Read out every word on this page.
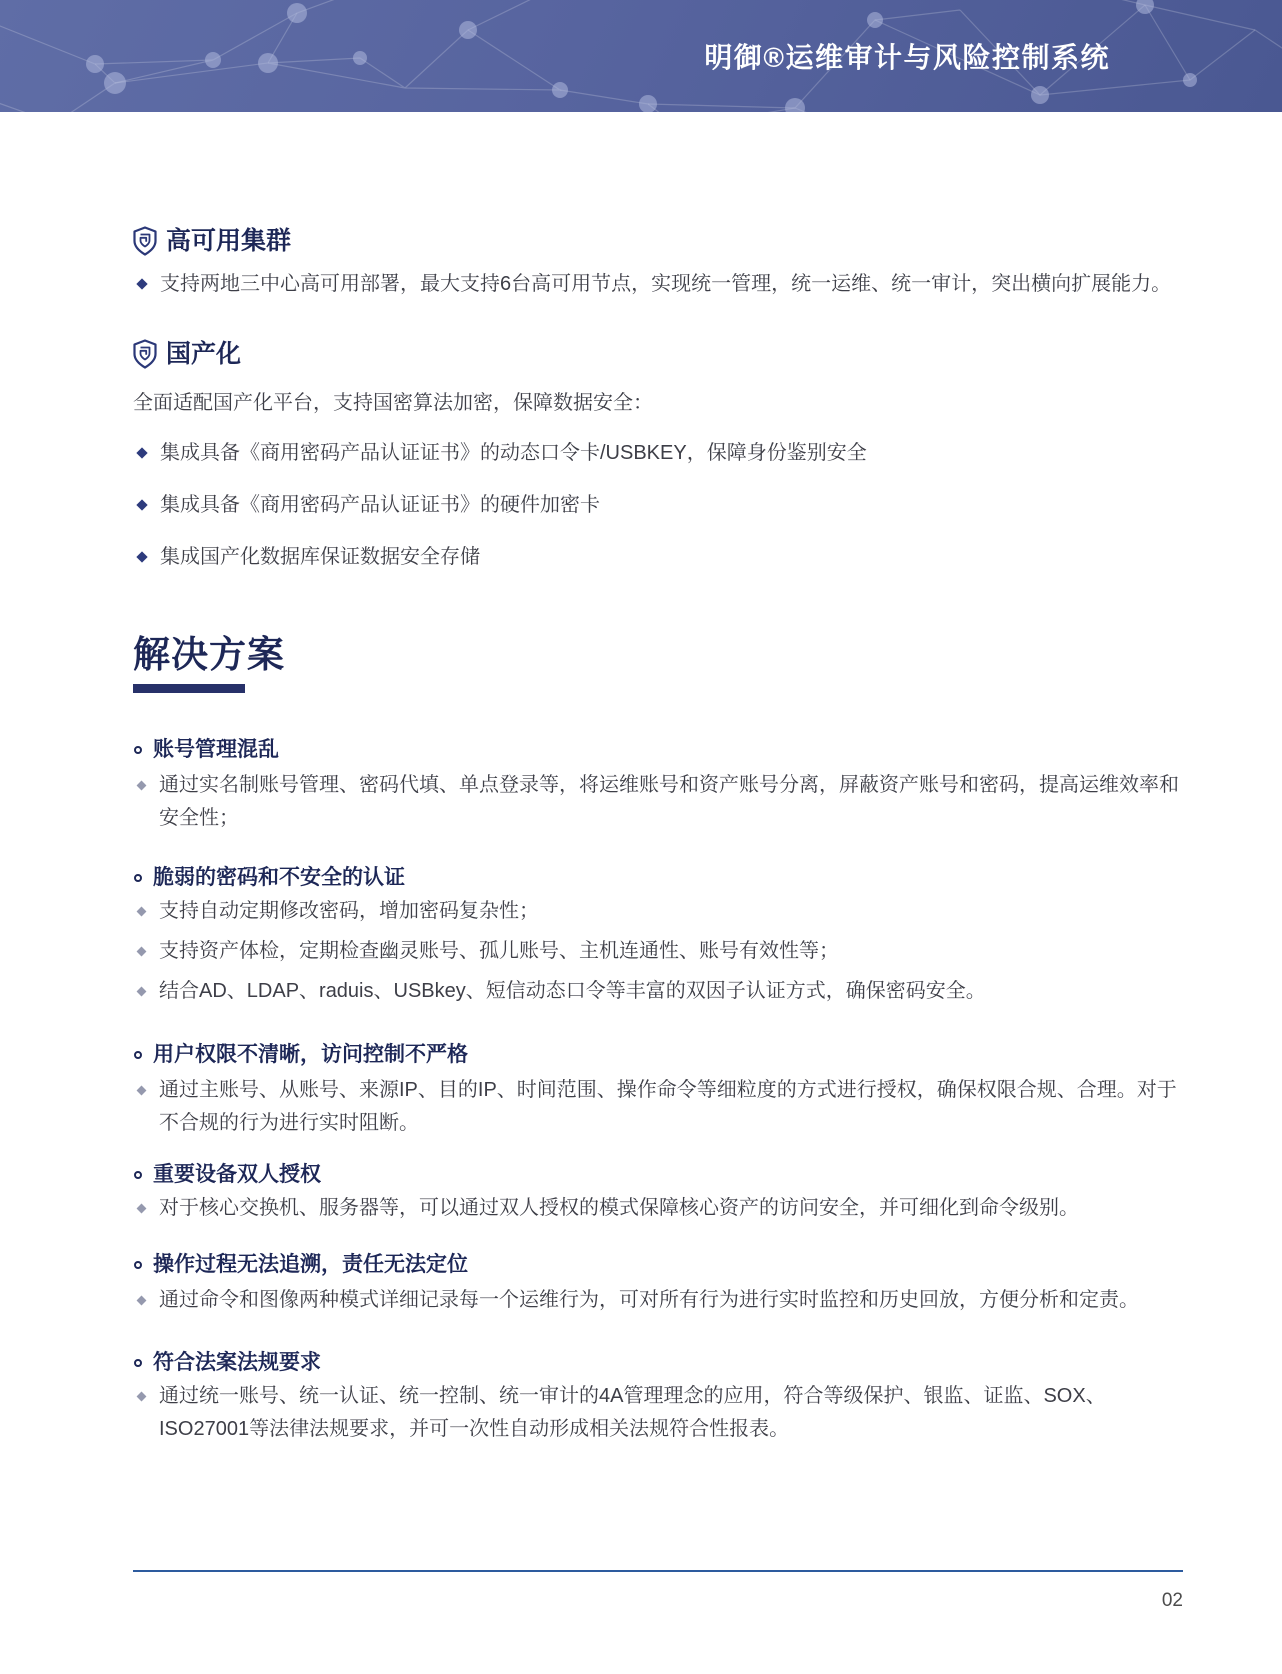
明御®运维审计与风险控制系统
高可用集群
支持两地三中心高可用部署，最大支持6台高可用节点，实现统一管理，统一运维、统一审计，突出横向扩展能力。
国产化
全面适配国产化平台，支持国密算法加密，保障数据安全：
集成具备《商用密码产品认证证书》的动态口令卡/USBKEY，保障身份鉴别安全
集成具备《商用密码产品认证证书》的硬件加密卡
集成国产化数据库保证数据安全存储
解决方案
账号管理混乱
通过实名制账号管理、密码代填、单点登录等，将运维账号和资产账号分离，屏蔽资产账号和密码，提高运维效率和安全性；
脆弱的密码和不安全的认证
支持自动定期修改密码，增加密码复杂性；
支持资产体检，定期检查幽灵账号、孤儿账号、主机连通性、账号有效性等；
结合AD、LDAP、raduis、USBkey、短信动态口令等丰富的双因子认证方式，确保密码安全。
用户权限不清晰，访问控制不严格
通过主账号、从账号、来源IP、目的IP、时间范围、操作命令等细粒度的方式进行授权，确保权限合规、合理。对于不合规的行为进行实时阻断。
重要设备双人授权
对于核心交换机、服务器等，可以通过双人授权的模式保障核心资产的访问安全，并可细化到命令级别。
操作过程无法追溯，责任无法定位
通过命令和图像两种模式详细记录每一个运维行为，可对所有行为进行实时监控和历史回放，方便分析和定责。
符合法案法规要求
通过统一账号、统一认证、统一控制、统一审计的4A管理理念的应用，符合等级保护、银监、证监、SOX、ISO27001等法律法规要求，并可一次性自动形成相关法规符合性报表。
02
